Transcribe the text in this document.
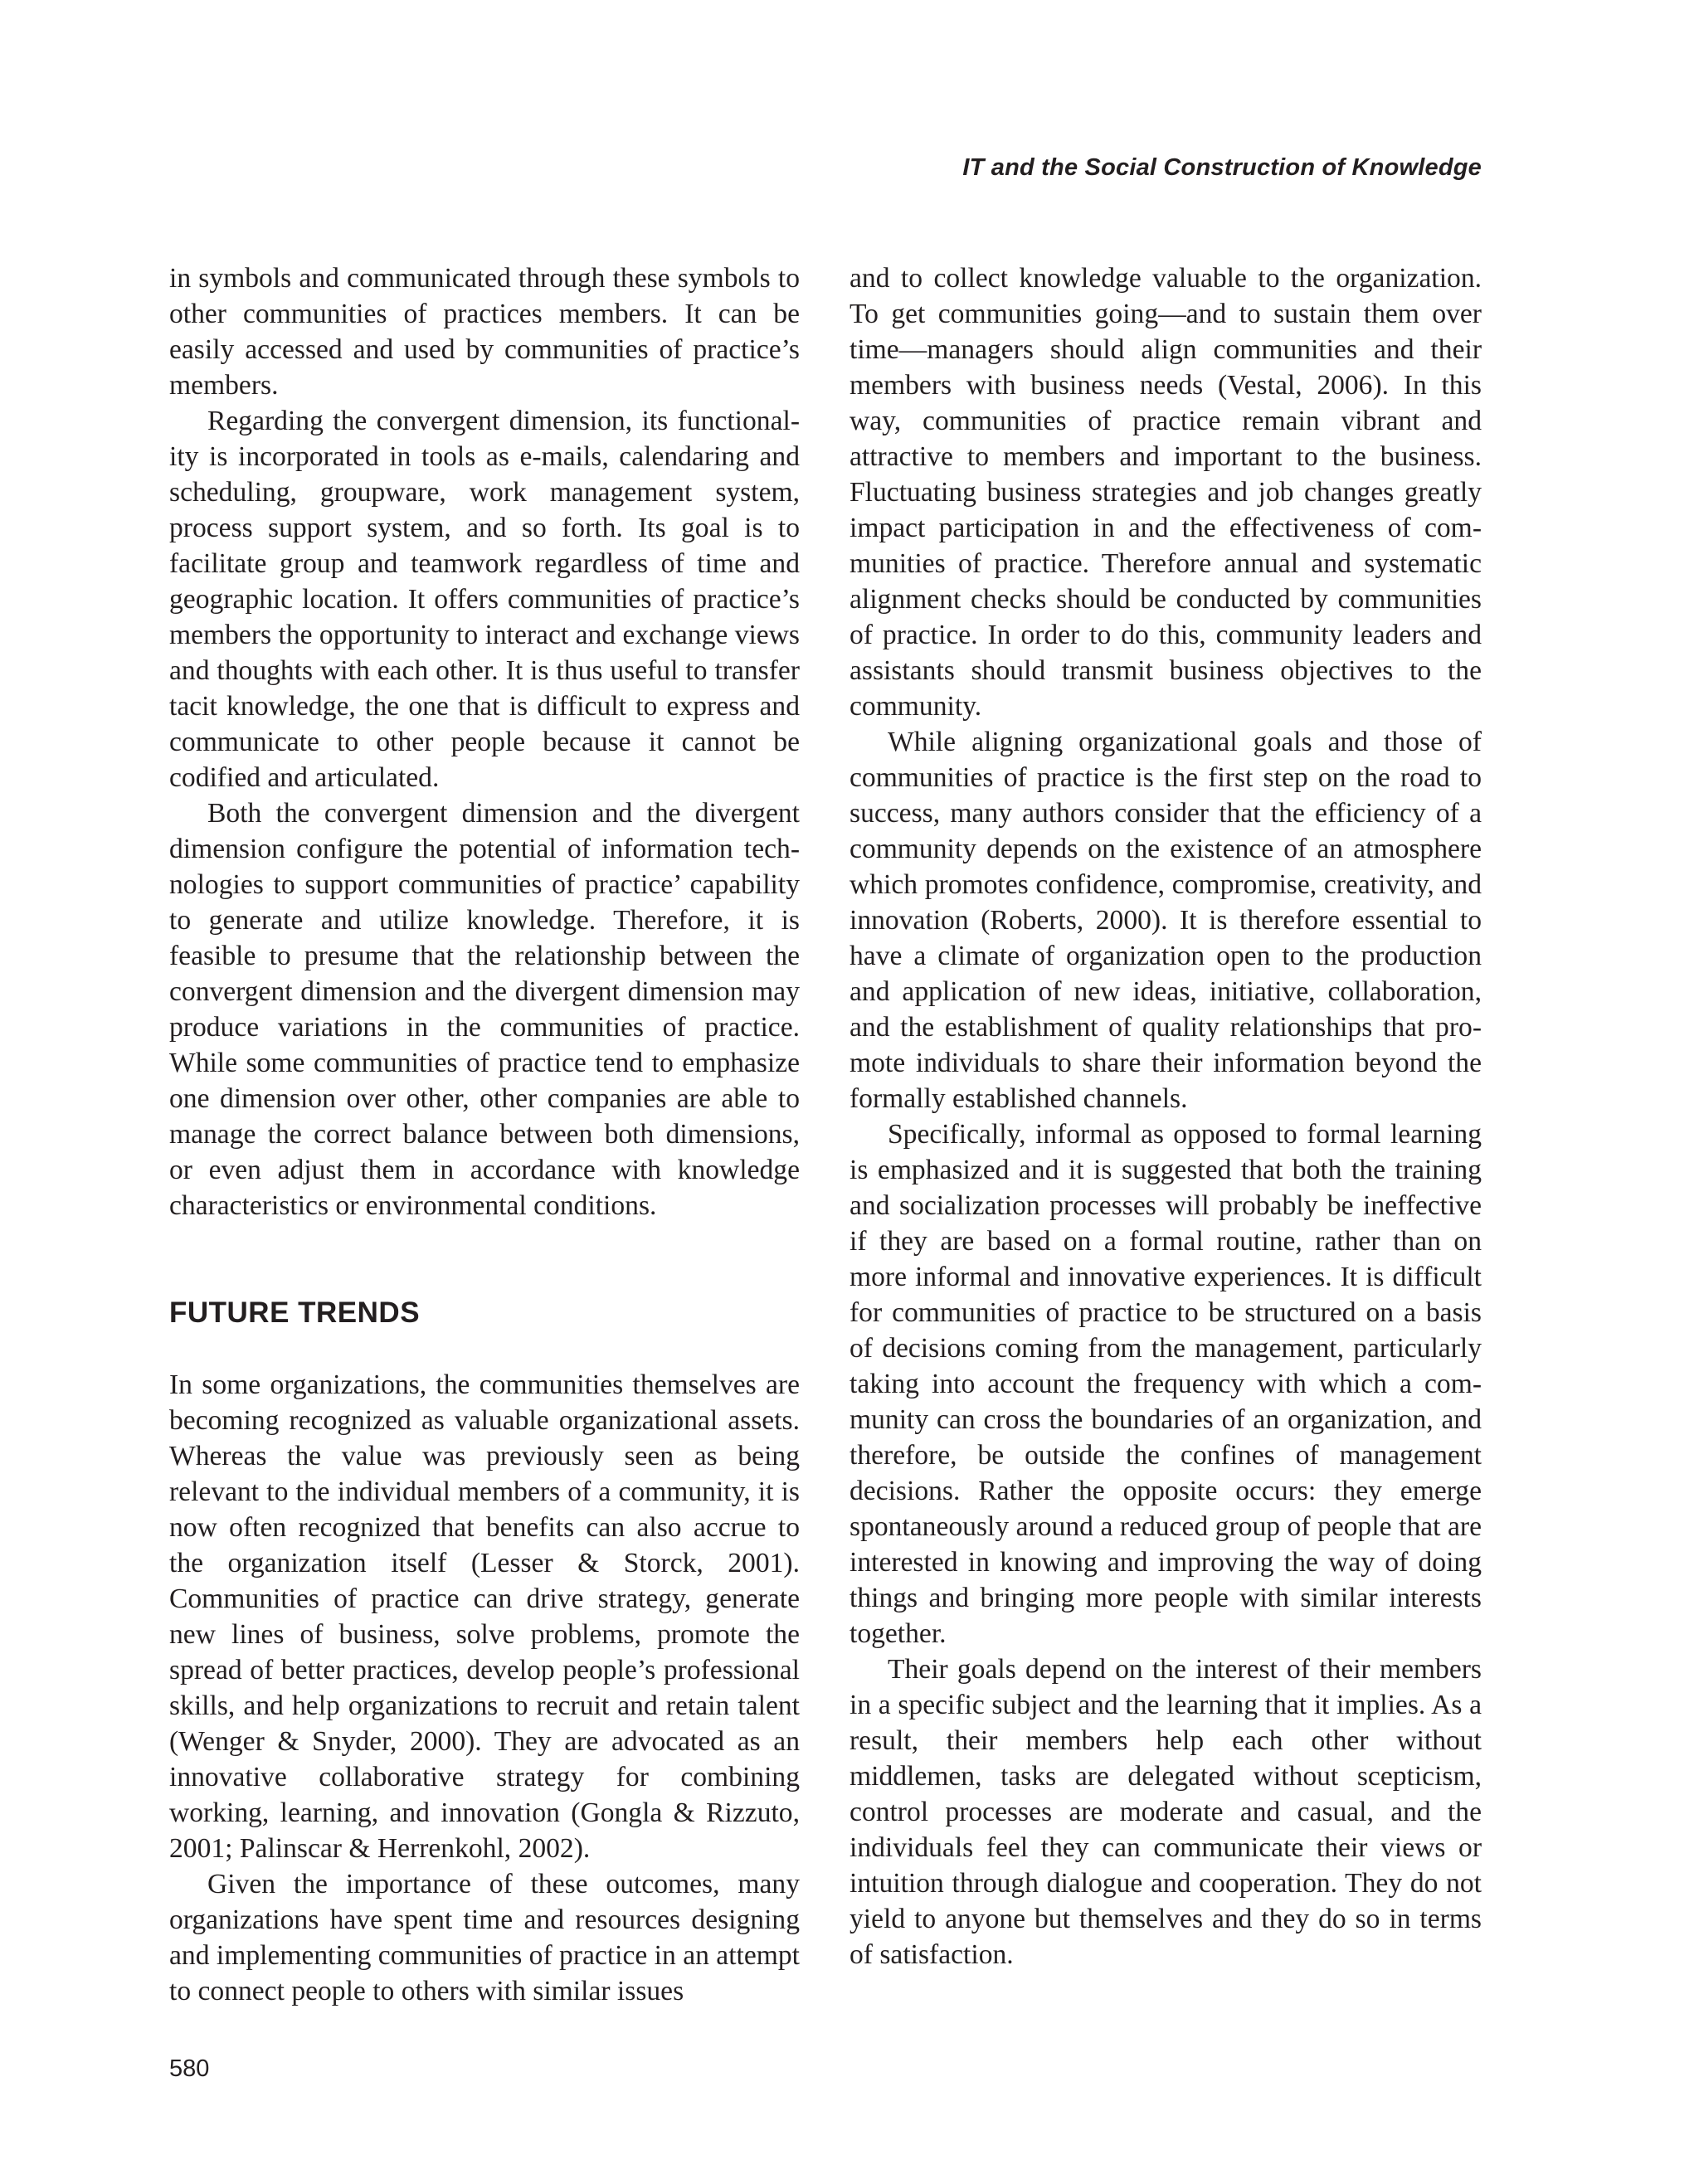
IT and the Social Construction of Knowledge

in symbols and communicated through these symbols to other communities of practices members. It can be easily accessed and used by communities of practice’s members.

Regarding the convergent dimension, its functionality is incorporated in tools as e-mails, calendaring and scheduling, groupware, work management system, process support system, and so forth. Its goal is to facilitate group and teamwork regardless of time and geographic location. It offers communities of practice’s members the opportunity to interact and exchange views and thoughts with each other. It is thus useful to transfer tacit knowledge, the one that is difficult to express and communicate to other people because it cannot be codified and articulated.

Both the convergent dimension and the divergent dimension configure the potential of information technologies to support communities of practice’ capability to generate and utilize knowledge. Therefore, it is feasible to presume that the relationship between the convergent dimension and the divergent dimension may produce variations in the communities of practice. While some communities of practice tend to emphasize one dimension over other, other companies are able to manage the correct balance between both dimensions, or even adjust them in accordance with knowledge characteristics or environmental conditions.

FUTURE TRENDS

In some organizations, the communities themselves are becoming recognized as valuable organizational assets. Whereas the value was previously seen as being relevant to the individual members of a community, it is now often recognized that benefits can also accrue to the organization itself (Lesser & Storck, 2001). Communities of practice can drive strategy, generate new lines of business, solve problems, promote the spread of better practices, develop people’s professional skills, and help organizations to recruit and retain talent (Wenger & Snyder, 2000). They are advocated as an innovative collaborative strategy for combining working, learning, and innovation (Gongla & Rizzuto, 2001; Palinscar & Herrenkohl, 2002).

Given the importance of these outcomes, many organizations have spent time and resources designing and implementing communities of practice in an attempt to connect people to others with similar issues

and to collect knowledge valuable to the organization. To get communities going—and to sustain them over time—managers should align communities and their members with business needs (Vestal, 2006). In this way, communities of practice remain vibrant and attractive to members and important to the business. Fluctuating business strategies and job changes greatly impact participation in and the effectiveness of communities of practice. Therefore annual and systematic alignment checks should be conducted by communities of practice. In order to do this, community leaders and assistants should transmit business objectives to the community.

While aligning organizational goals and those of communities of practice is the first step on the road to success, many authors consider that the efficiency of a community depends on the existence of an atmosphere which promotes confidence, compromise, creativity, and innovation (Roberts, 2000). It is therefore essential to have a climate of organization open to the production and application of new ideas, initiative, collaboration, and the establishment of quality relationships that promote individuals to share their information beyond the formally established channels.

Specifically, informal as opposed to formal learning is emphasized and it is suggested that both the training and socialization processes will probably be ineffective if they are based on a formal routine, rather than on more informal and innovative experiences. It is difficult for communities of practice to be structured on a basis of decisions coming from the management, particularly taking into account the frequency with which a community can cross the boundaries of an organization, and therefore, be outside the confines of management decisions. Rather the opposite occurs: they emerge spontaneously around a reduced group of people that are interested in knowing and improving the way of doing things and bringing more people with similar interests together.

Their goals depend on the interest of their members in a specific subject and the learning that it implies. As a result, their members help each other without middlemen, tasks are delegated without scepticism, control processes are moderate and casual, and the individuals feel they can communicate their views or intuition through dialogue and cooperation. They do not yield to anyone but themselves and they do so in terms of satisfaction.

580
